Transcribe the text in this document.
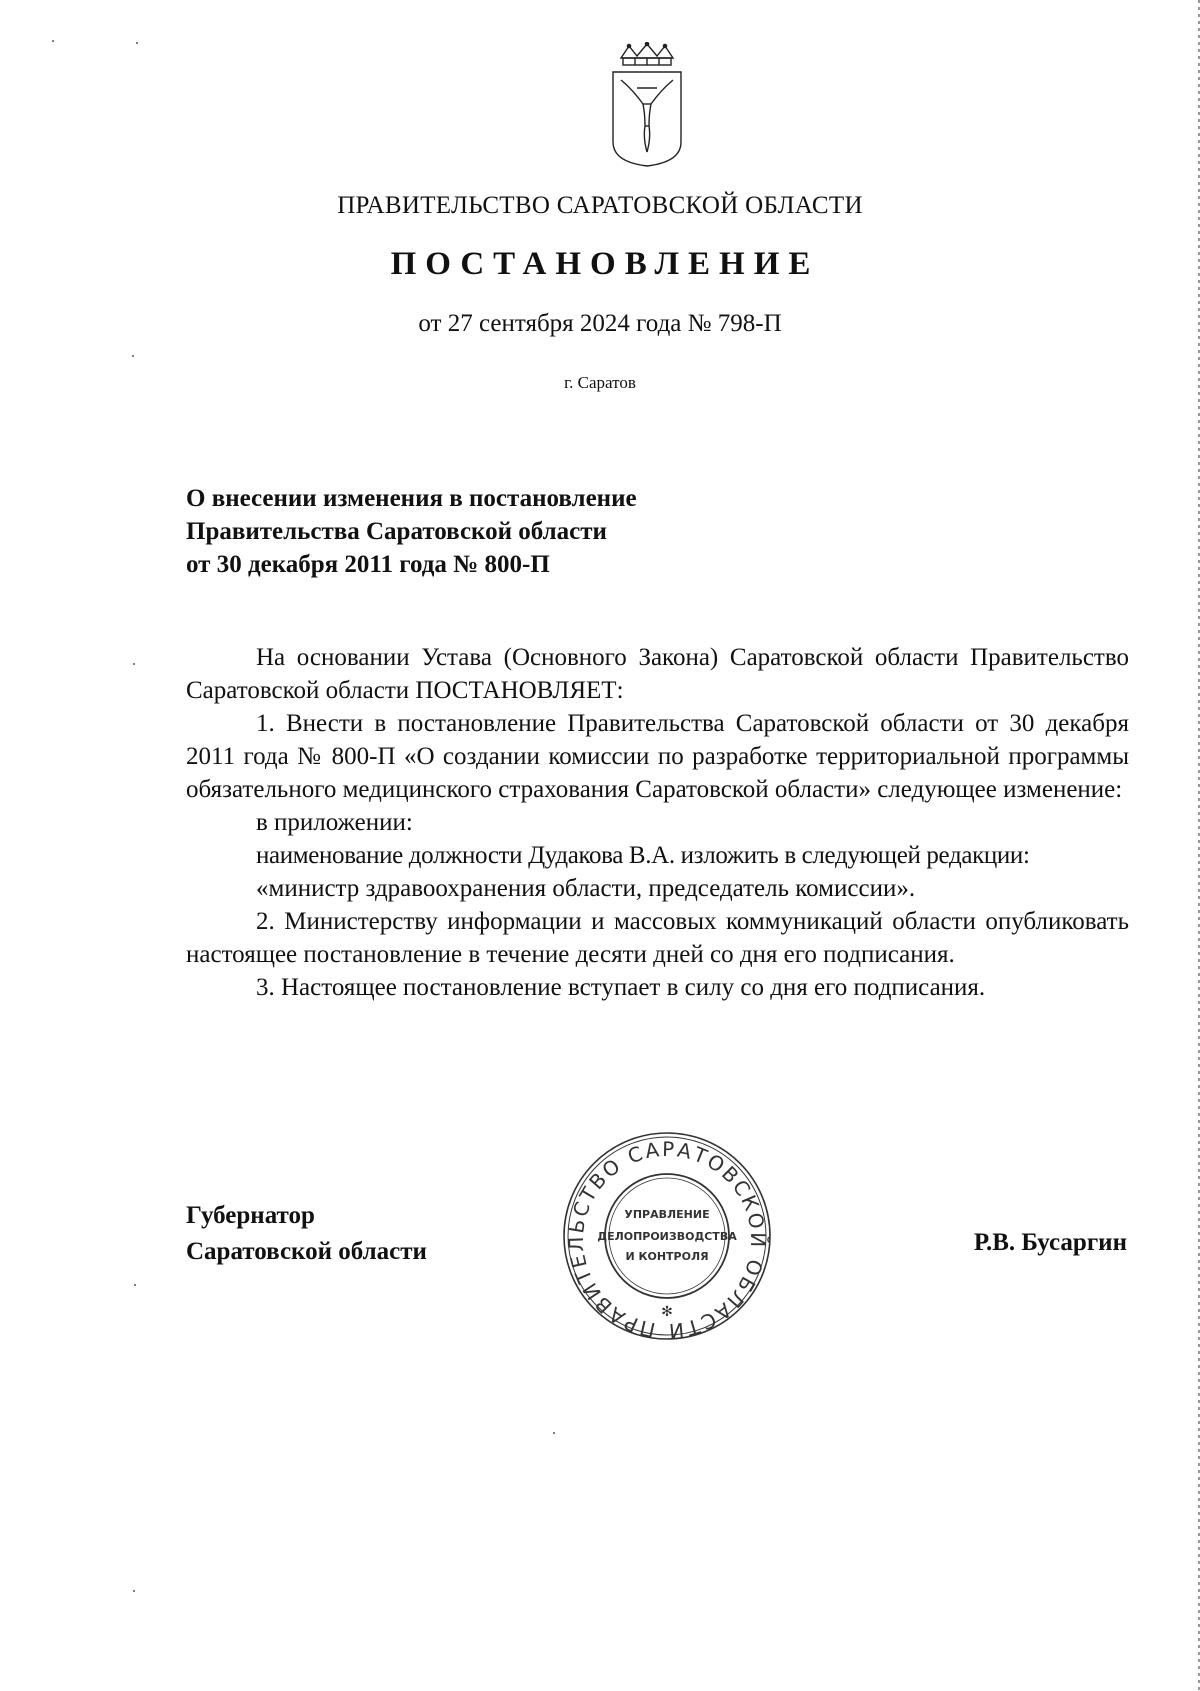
ПРАВИТЕЛЬСТВО САРАТОВСКОЙ ОБЛАСТИ
ПОСТАНОВЛЕНИЕ
от 27 сентября 2024 года № 798-П
г. Саратов
О внесении изменения в постановление
Правительства Саратовской области
от 30 декабря 2011 года № 800-П

На основании Устава (Основного Закона) Саратовской области Правительство Саратовской области ПОСТАНОВЛЯЕТ:

1. Внести в постановление Правительства Саратовской области от 30 декабря 2011 года № 800-П «О создании комиссии по разработке территориальной программы обязательного медицинского страхования Саратовской области» следующее изменение:

в приложении:

наименование должности Дудакова В.А. изложить в следующей редакции:

«министр здравоохранения области, председатель комиссии».

2. Министерству информации и массовых коммуникаций области опубликовать настоящее постановление в течение десяти дней со дня его подписания.

3. Настоящее постановление вступает в силу со дня его подписания.

Губернатор
Саратовской области	Р.В. Бусаргин
ПРАВИТЕЛЬСТВО САРАТОВСКОЙ ОБЛАСТИ
✻
УПРАВЛЕНИЕ
ДЕЛОПРОИЗВОДСТВА
И КОНТРОЛЯ
